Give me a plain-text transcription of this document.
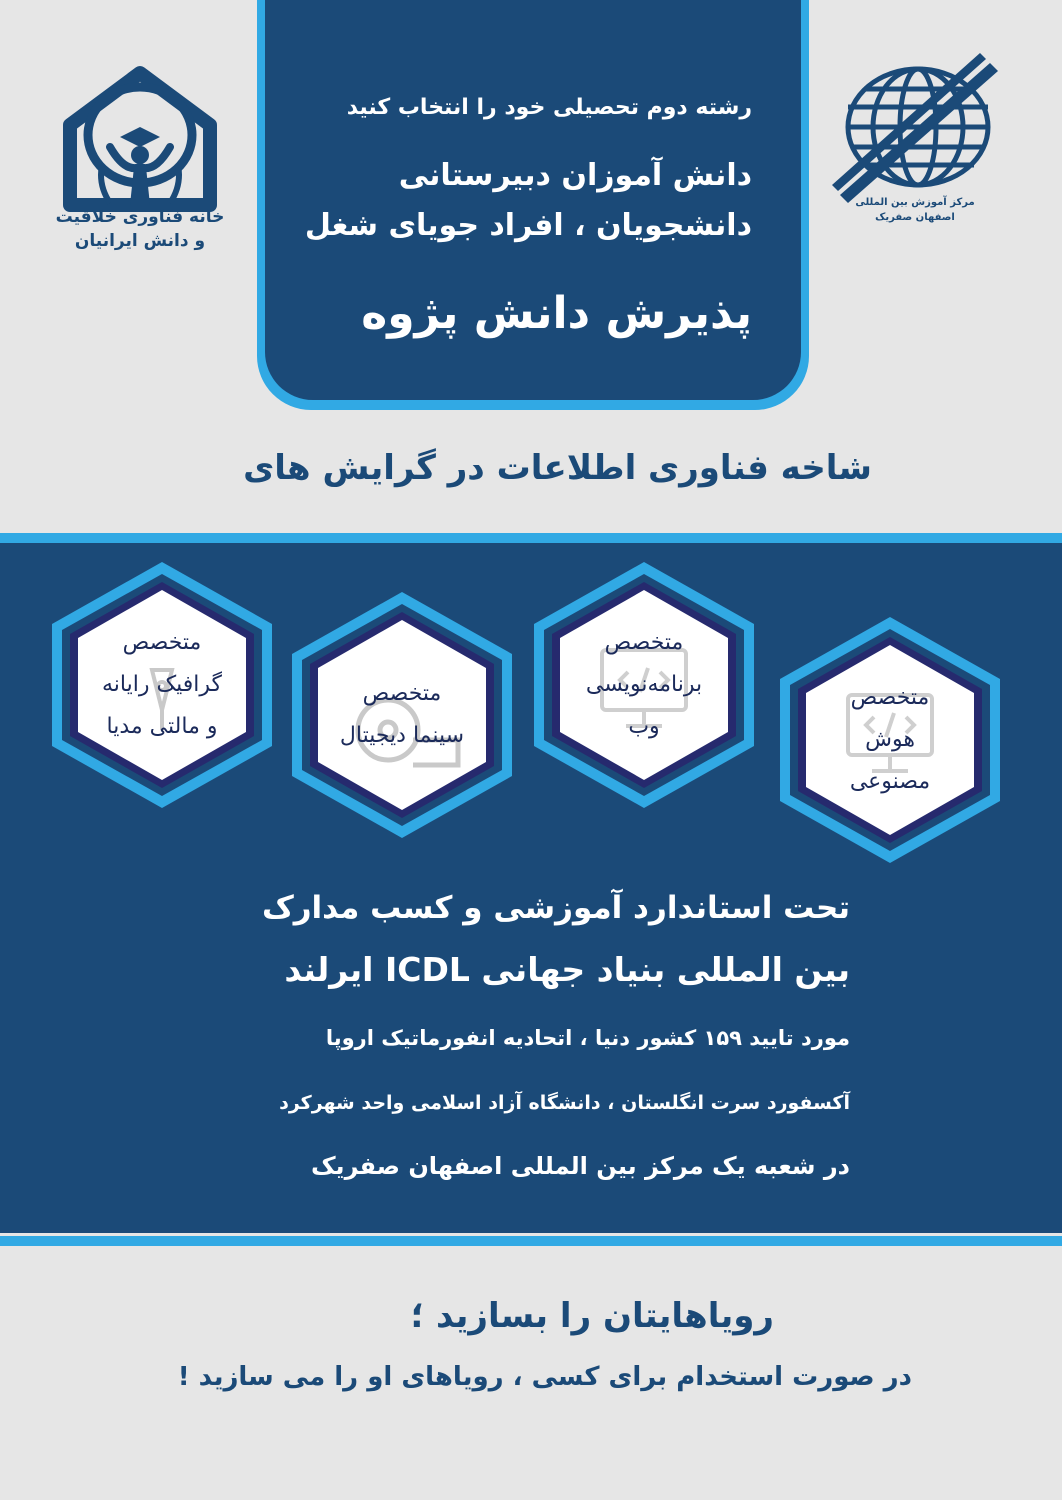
رشته دوم تحصیلی خود را انتخاب کنید
دانش آموزان دبیرستانی
دانشجویان ، افراد جویای شغل
پذیرش دانش پژوه
خانه فناوری خلاقیت
و دانش ایرانیان
مرکز آموزش بین المللی
اصفهان صفریک
شاخه فناوری اطلاعات در گرایش های
متخصص
گرافیک رایانه
و مالتی مدیا
متخصص
سینما دیجیتال
متخصص
برنامه‌نویسی
وب
متخصص
هوش
مصنوعی
تحت استاندارد آموزشی و کسب مدارک
بین المللی بنیاد جهانی ICDL ایرلند
مورد تایید ۱۵۹ کشور دنیا ، اتحادیه انفورماتیک اروپا
آکسفورد سرت انگلستان ، دانشگاه آزاد اسلامی واحد شهرکرد
در شعبه یک مرکز بین المللی اصفهان صفریک
رویاهایتان را بسازید ؛
در صورت استخدام برای کسی ، رویاهای او را می سازید !
